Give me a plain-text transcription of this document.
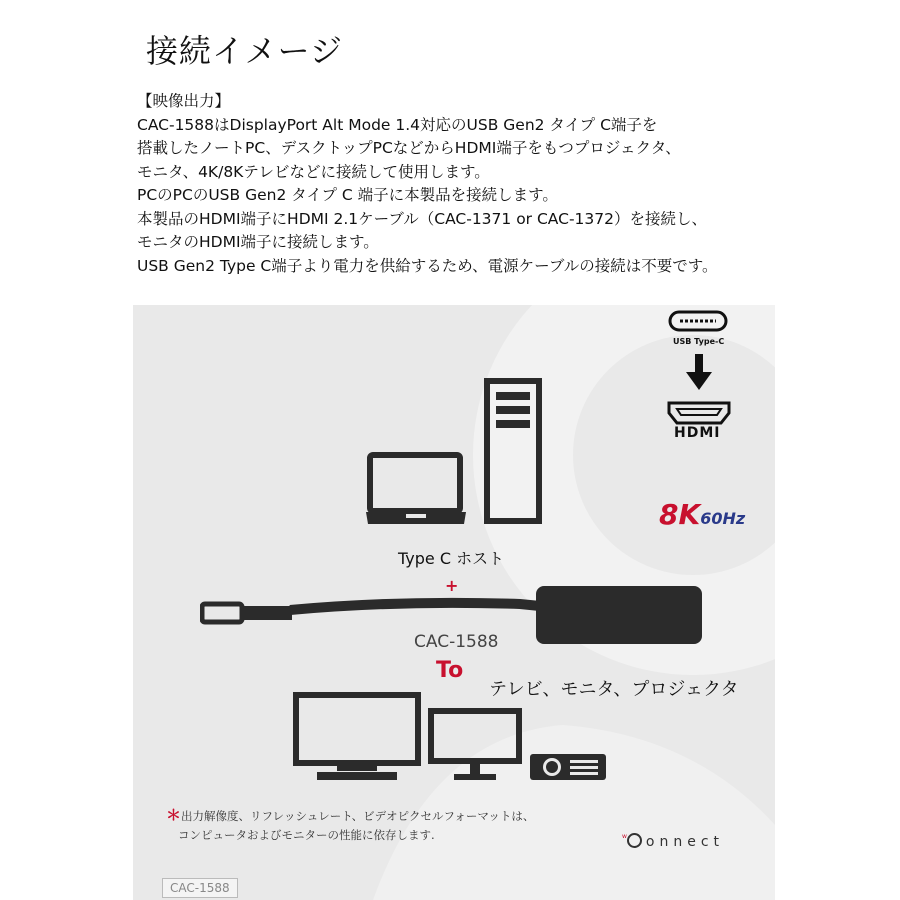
接続イメージ
【映像出力】
CAC-1588はDisplayPort Alt Mode 1.4対応のUSB Gen2 タイプ C端子を
搭載したノートPC、デスクトップPCなどからHDMI端子をもつプロジェクタ、
モニタ、4K/8Kテレビなどに接続して使用します。
PCのPCのUSB Gen2 タイプ C 端子に本製品を接続します。
本製品のHDMI端子にHDMI 2.1ケーブル（CAC-1371 or CAC-1372）を接続し、
モニタのHDMI端子に接続します。
USB Gen2 Type C端子より電力を供給するため、電源ケーブルの接続は不要です。
USB Type-C
HDMI
8K60Hz
Type C ホスト
+
CAC-1588
To
テレビ、モニタ、プロジェクタ
＊出力解像度、リフレッシュレート、ビデオピクセルフォーマットは、
コンピュータおよびモニターの性能に依存します.	$^w$ onnect
CAC-1588
